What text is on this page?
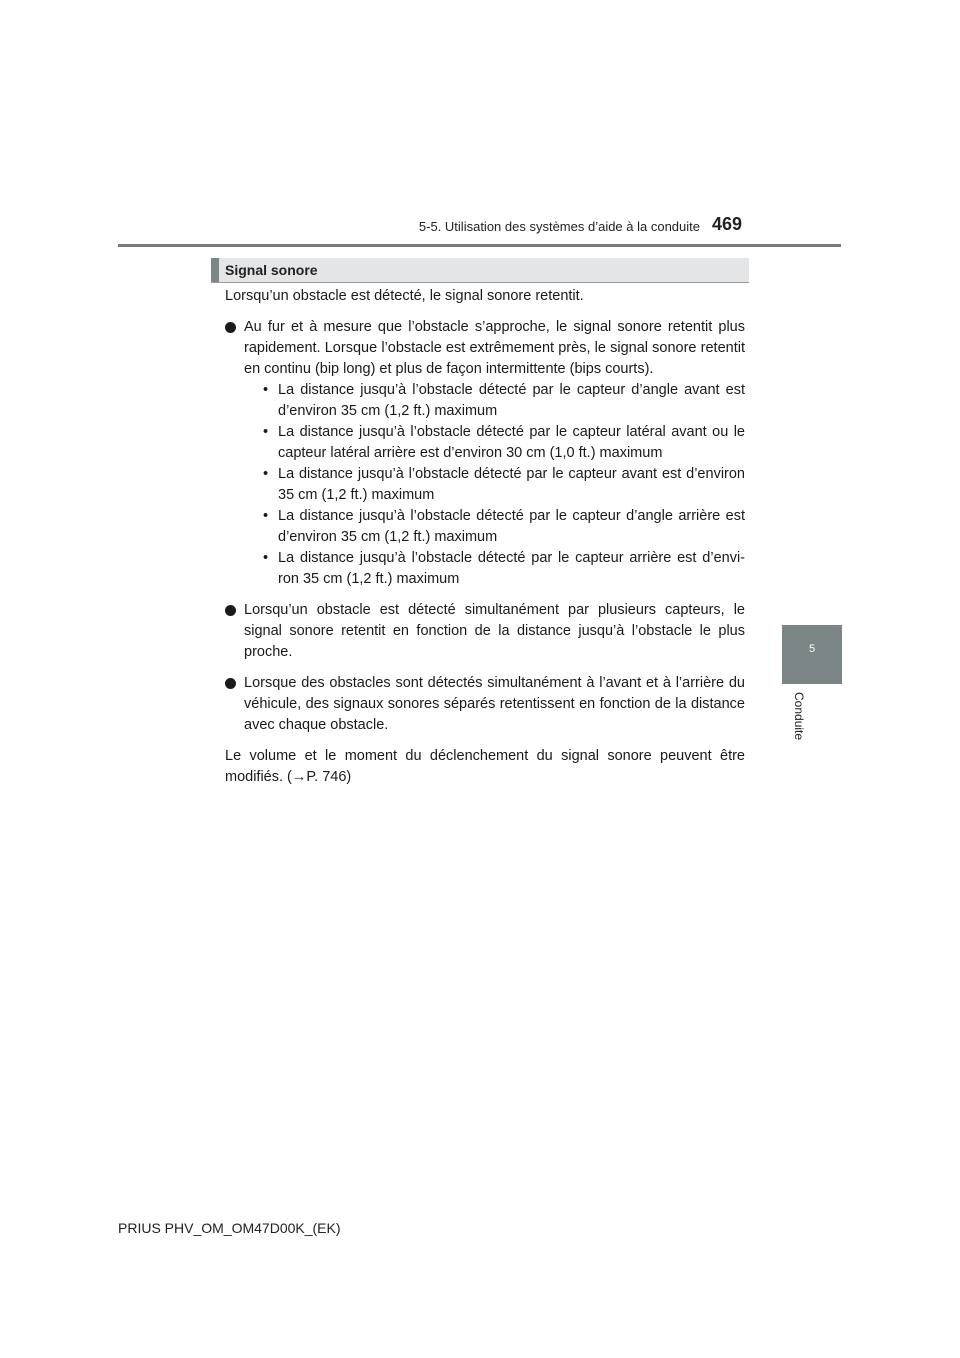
5-5. Utilisation des systèmes d’aide à la conduite 469
Signal sonore

Lorsqu’un obstacle est détecté, le signal sonore retentit.

Au fur et à mesure que l’obstacle s’approche, le signal sonore retentit plus rapidement. Lorsque l’obstacle est extrêmement près, le signal sonore retentit en continu (bip long) et plus de façon intermittente (bips courts).
• La distance jusqu’à l’obstacle détecté par le capteur d’angle avant est d’environ 35 cm (1,2 ft.) maximum
• La distance jusqu’à l’obstacle détecté par le capteur latéral avant ou le capteur latéral arrière est d’environ 30 cm (1,0 ft.) maximum
• La distance jusqu’à l’obstacle détecté par le capteur avant est d’environ 35 cm (1,2 ft.) maximum
• La distance jusqu’à l’obstacle détecté par le capteur d’angle arrière est d’environ 35 cm (1,2 ft.) maximum
• La distance jusqu’à l’obstacle détecté par le capteur arrière est d’envi-ron 35 cm (1,2 ft.) maximum
Lorsqu’un obstacle est détecté simultanément par plusieurs capteurs, le signal sonore retentit en fonction de la distance jusqu’à l’obstacle le plus proche.
Lorsque des obstacles sont détectés simultanément à l’avant et à l’arrière du véhicule, des signaux sonores séparés retentissent en fonction de la distance avec chaque obstacle.

Le volume et le moment du déclenchement du signal sonore peuvent être modifiés. (→P. 746)

5
Conduite
PRIUS PHV_OM_OM47D00K_(EK)
